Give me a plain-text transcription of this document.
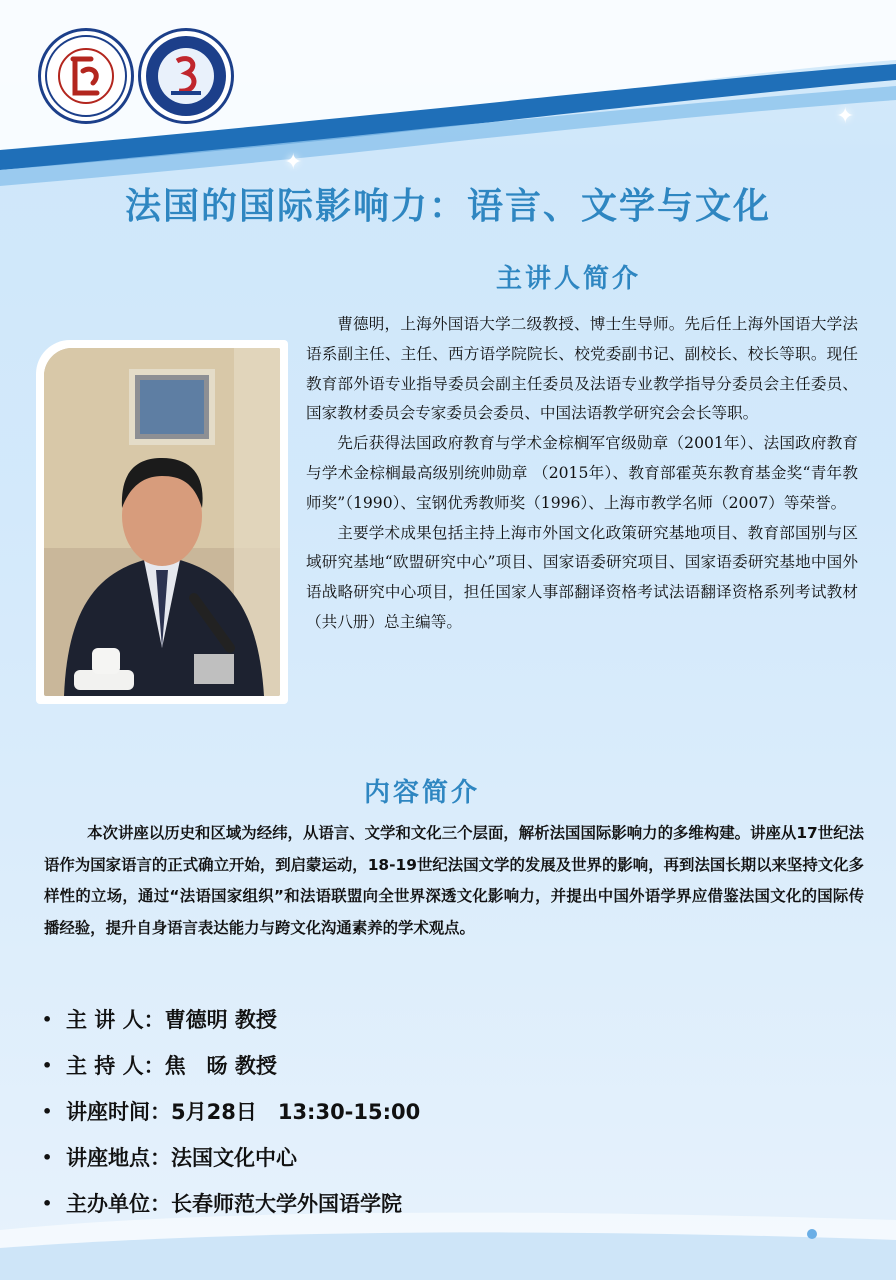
✦
✦
法国的国际影响力：语言、文学与文化
主讲人简介

曹德明，上海外国语大学二级教授、博士生导师。先后任上海外国语大学法语系副主任、主任、西方语学院院长、校党委副书记、副校长、校长等职。现任教育部外语专业指导委员会副主任委员及法语专业教学指导分委员会主任委员、国家教材委员会专家委员会委员、中国法语教学研究会会长等职。

先后获得法国政府教育与学术金棕榈军官级勋章（2001年）、法国政府教育与学术金棕榈最高级别统帅勋章 （2015年）、教育部霍英东教育基金奖“青年教师奖”（1990）、宝钢优秀教师奖（1996）、上海市教学名师（2007）等荣誉。

主要学术成果包括主持上海市外国文化政策研究基地项目、教育部国别与区域研究基地“欧盟研究中心”项目、国家语委研究项目、国家语委研究基地中国外语战略研究中心项目，担任国家人事部翻译资格考试法语翻译资格系列考试教材（共八册）总主编等。

内容简介
本次讲座以历史和区域为经纬，从语言、文学和文化三个层面，解析法国国际影响力的多维构建。讲座从17世纪法语作为国家语言的正式确立开始，到启蒙运动，18-19世纪法国文学的发展及世界的影响，再到法国长期以来坚持文化多样性的立场，通过“法语国家组织”和法语联盟向全世界深透文化影响力，并提出中国外语学界应借鉴法国文化的国际传播经验，提升自身语言表达能力与跨文化沟通素养的学术观点。
• 主 讲 人： 曹德明 教授
• 主 持 人： 焦　旸 教授
• 讲座时间： 5月28日　13:30-15:00
• 讲座地点： 法国文化中心
• 主办单位： 长春师范大学外国语学院
